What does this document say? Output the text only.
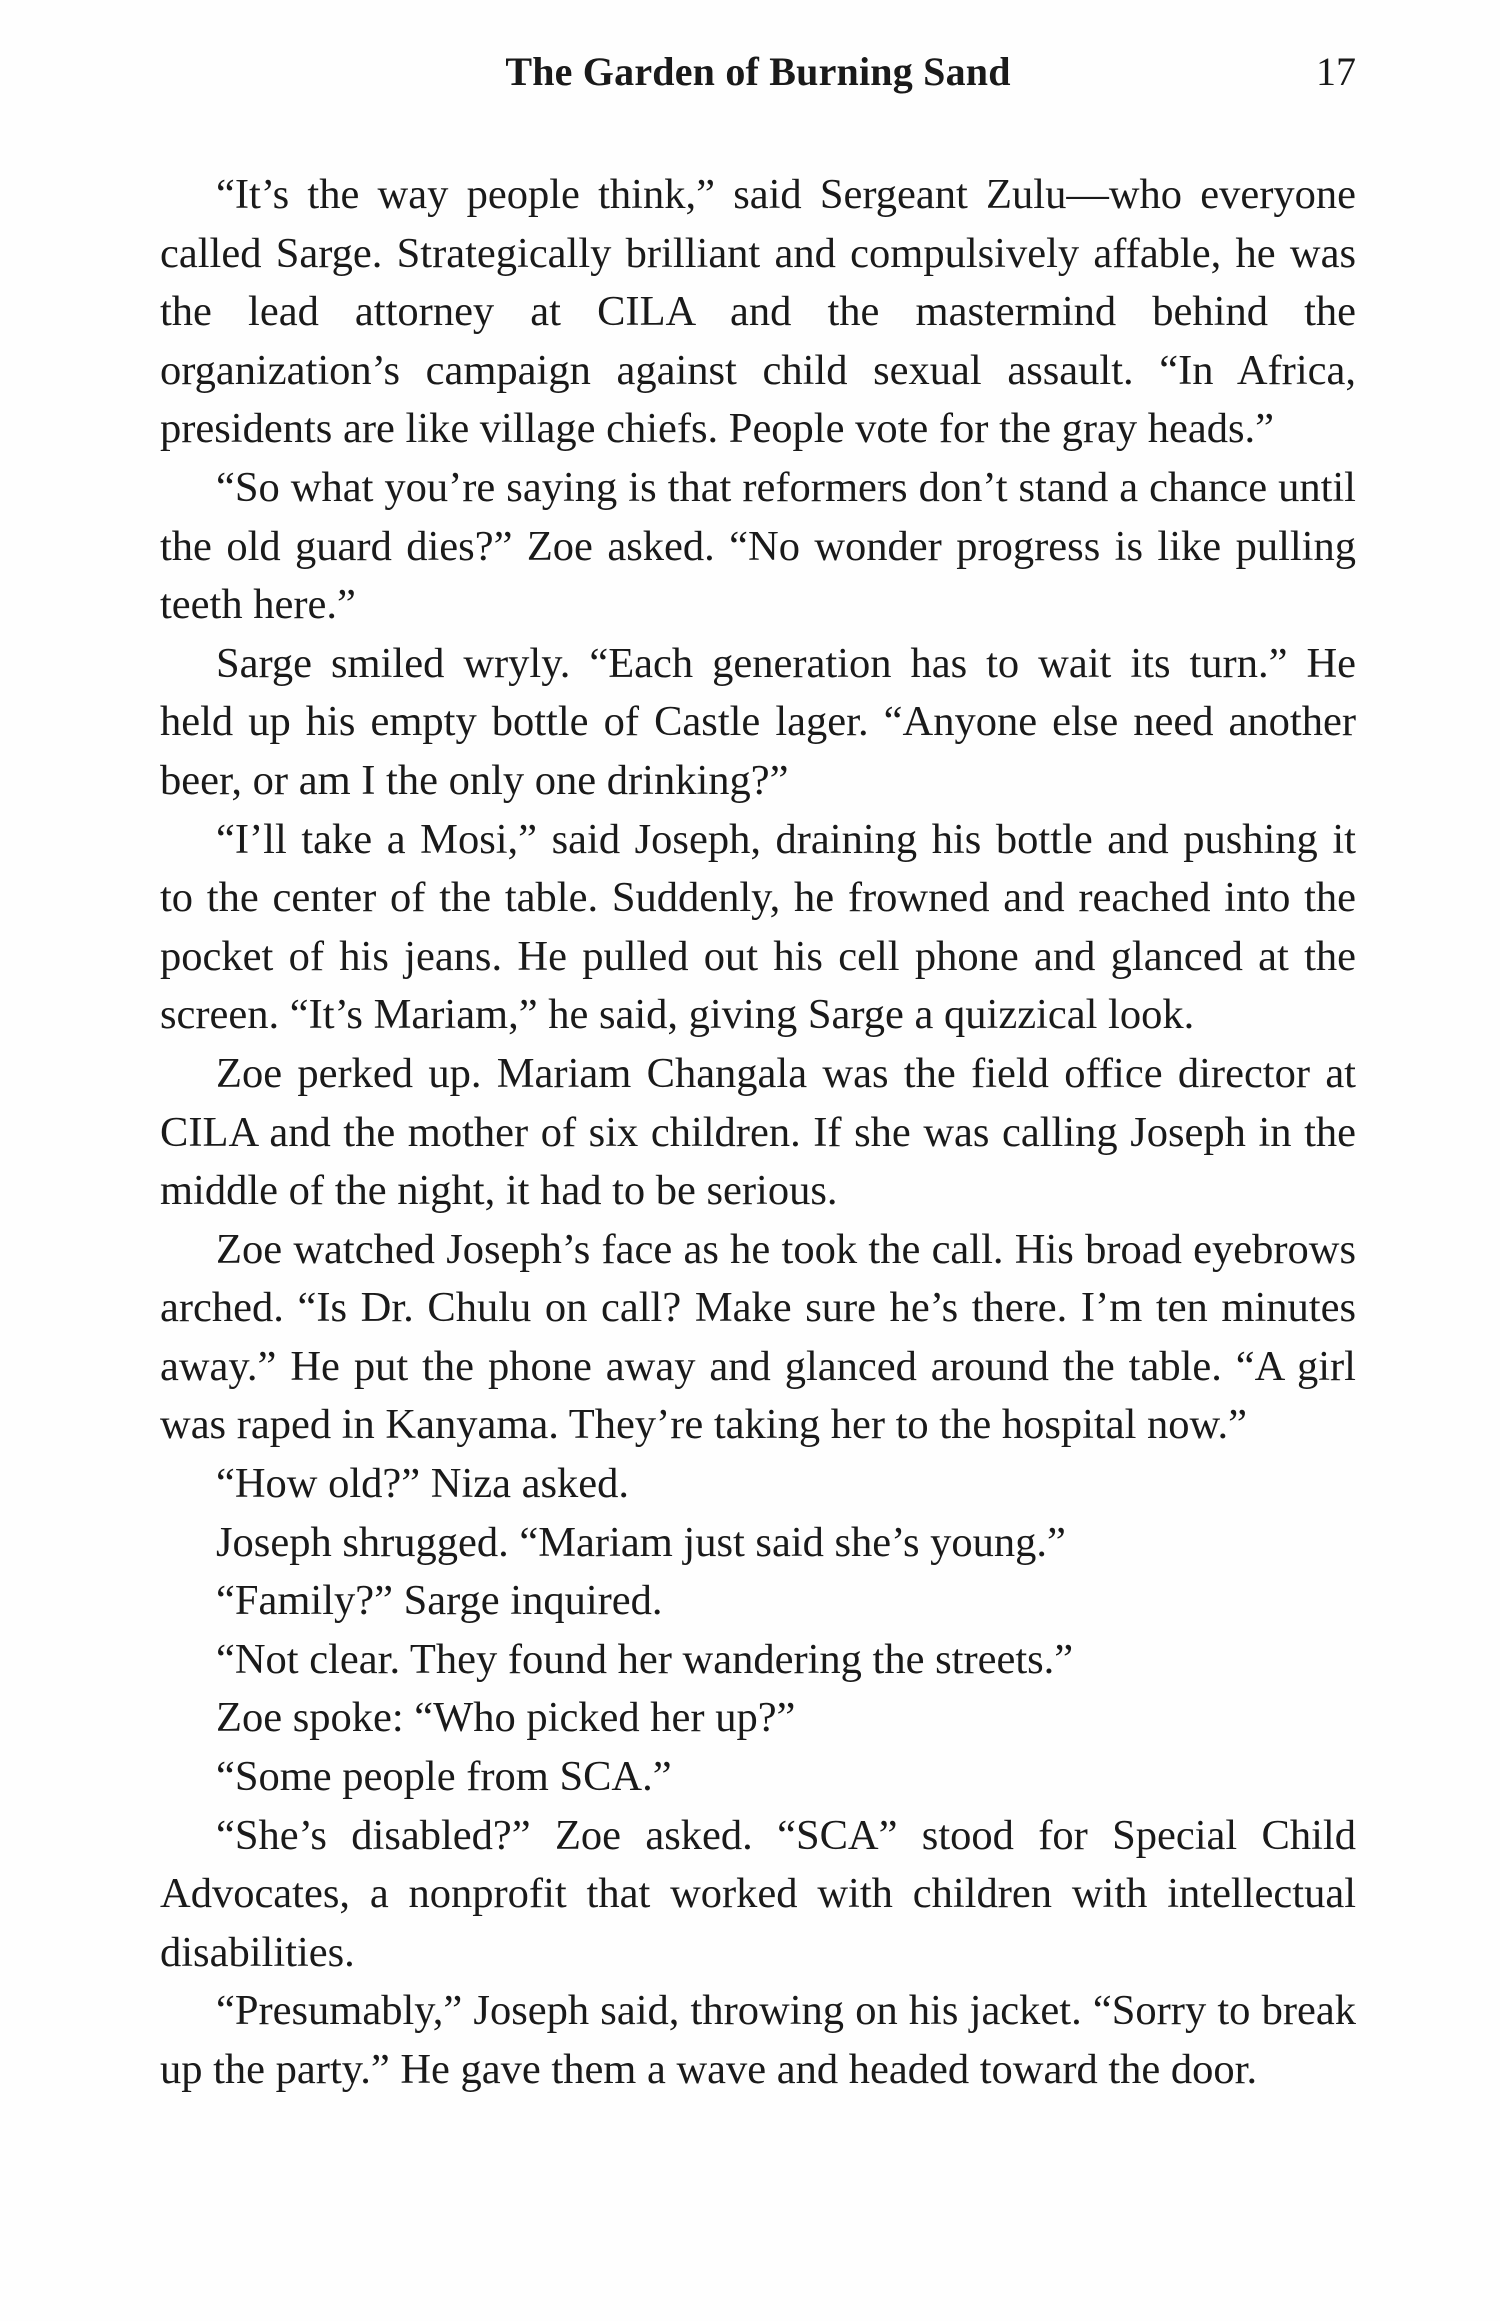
The Garden of Burning Sand	17

“It’s the way people think,” said Sergeant Zulu—who everyone called Sarge. Strategically brilliant and compulsively affable, he was the lead attorney at CILA and the mastermind behind the organization’s campaign against child sexual assault. “In Africa, presidents are like village chiefs. People vote for the gray heads.”

“So what you’re saying is that reformers don’t stand a chance until the old guard dies?” Zoe asked. “No wonder progress is like pulling teeth here.”

Sarge smiled wryly. “Each generation has to wait its turn.” He held up his empty bottle of Castle lager. “Anyone else need another beer, or am I the only one drinking?”

“I’ll take a Mosi,” said Joseph, draining his bottle and pushing it to the center of the table. Suddenly, he frowned and reached into the pocket of his jeans. He pulled out his cell phone and glanced at the screen. “It’s Mariam,” he said, giving Sarge a quizzical look.

Zoe perked up. Mariam Changala was the field office director at CILA and the mother of six children. If she was calling Joseph in the middle of the night, it had to be serious.

Zoe watched Joseph’s face as he took the call. His broad eyebrows arched. “Is Dr. Chulu on call? Make sure he’s there. I’m ten minutes away.” He put the phone away and glanced around the table. “A girl was raped in Kanyama. They’re taking her to the hospital now.”

“How old?” Niza asked.

Joseph shrugged. “Mariam just said she’s young.”

“Family?” Sarge inquired.

“Not clear. They found her wandering the streets.”

Zoe spoke: “Who picked her up?”

“Some people from SCA.”

“She’s disabled?” Zoe asked. “SCA” stood for Special Child Advocates, a nonprofit that worked with children with intellectual disabilities.

“Presumably,” Joseph said, throwing on his jacket. “Sorry to break up the party.” He gave them a wave and headed toward the door.
